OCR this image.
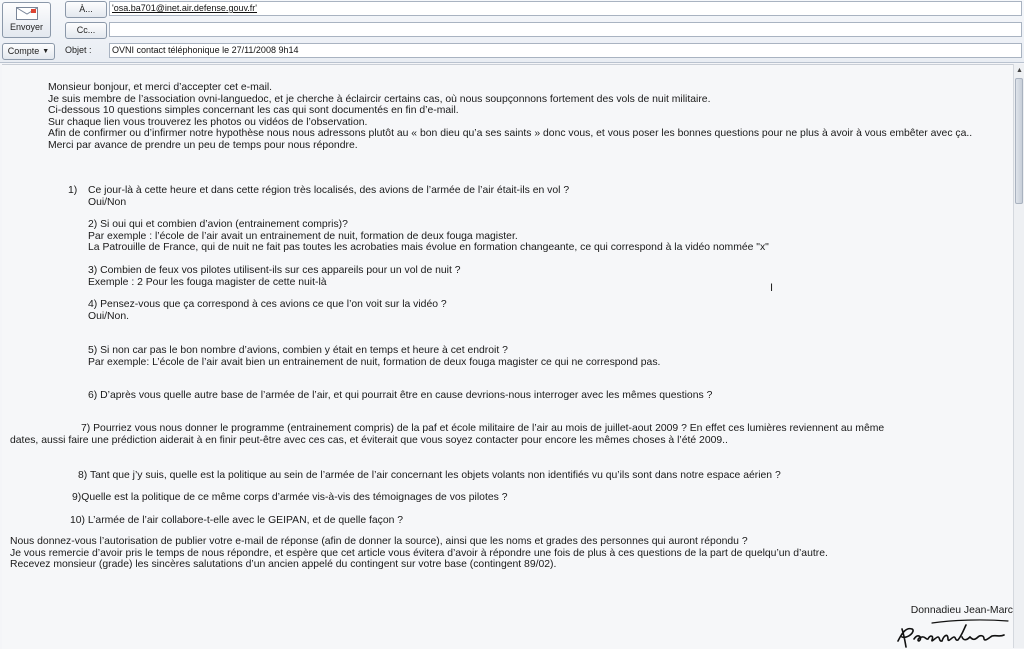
Envoyer
À...	'osa.ba701@inet.air.defense.gouv.fr'
Cc...
Compte ▼	Objet :	OVNI contact téléphonique le 27/11/2008 9h14

Monsieur bonjour, et merci d’accepter cet e-mail.

Je suis membre de l’association ovni-languedoc, et je cherche à éclaircir certains cas, où nous soupçonnons fortement des vols de nuit militaire.

Ci-dessous 10 questions simples concernant les cas qui sont documentés en fin d’e-mail.

Sur chaque lien vous trouverez les photos ou vidéos de l’observation.

Afin de confirmer ou d’infirmer notre hypothèse nous nous adressons plutôt au « bon dieu qu’a ses saints » donc vous, et vous poser les bonnes questions pour ne plus à avoir à vous embêter avec ça..

Merci par avance de prendre un peu de temps pour nous répondre.

1) Ce jour-là à cette heure et dans cette région très localisés, des avions de l’armée de l’air était-ils en vol ?

Oui/Non

2) Si oui qui et combien d’avion (entrainement compris)?

Par exemple : l’école de l’air avait un entrainement de nuit, formation de deux fouga magister.

La Patrouille de France, qui de nuit ne fait pas toutes les acrobaties mais évolue en formation changeante, ce qui correspond à la vidéo nommée "x"

3) Combien de feux vos pilotes utilisent-ils sur ces appareils pour un vol de nuit ?

Exemple : 2 Pour les fouga magister de cette nuit-là

4) Pensez-vous que ça correspond à ces avions ce que l’on voit sur la vidéo ?

Oui/Non.

5) Si non car pas le bon nombre d’avions, combien y était en temps et heure à cet endroit ?

Par exemple: L’école de l’air avait bien un entrainement de nuit, formation de deux fouga magister ce qui ne correspond pas.

6) D’après vous quelle autre base de l’armée de l’air, et qui pourrait être en cause devrions-nous interroger avec les mêmes questions ?

7) Pourriez vous nous donner le programme (entrainement compris) de la paf et école militaire de l’air au mois de juillet-aout 2009 ? En effet ces lumières reviennent au même

dates, aussi faire une prédiction aiderait à en finir peut-être avec ces cas, et éviterait que vous soyez contacter pour encore les mêmes choses à l’été 2009..

8) Tant que j’y suis, quelle est la politique au sein de l’armée de l’air concernant les objets volants non identifiés vu qu’ils sont dans notre espace aérien ?

9)Quelle est la politique de ce même corps d’armée vis-à-vis des témoignages de vos pilotes ?

10) L’armée de l’air collabore-t-elle avec le GEIPAN, et de quelle façon ?

Nous donnez-vous l’autorisation de publier votre e-mail de réponse (afin de donner la source), ainsi que les noms et grades des personnes qui auront répondu ?

Je vous remercie d’avoir pris le temps de nous répondre, et espère que cet article vous évitera d’avoir à répondre une fois de plus à ces questions de la part de quelqu’un d’autre.

Recevez monsieur (grade) les sincères salutations d’un ancien appelé du contingent sur votre base (contingent 89/02).

Donnadieu Jean-Marc
I
▲
